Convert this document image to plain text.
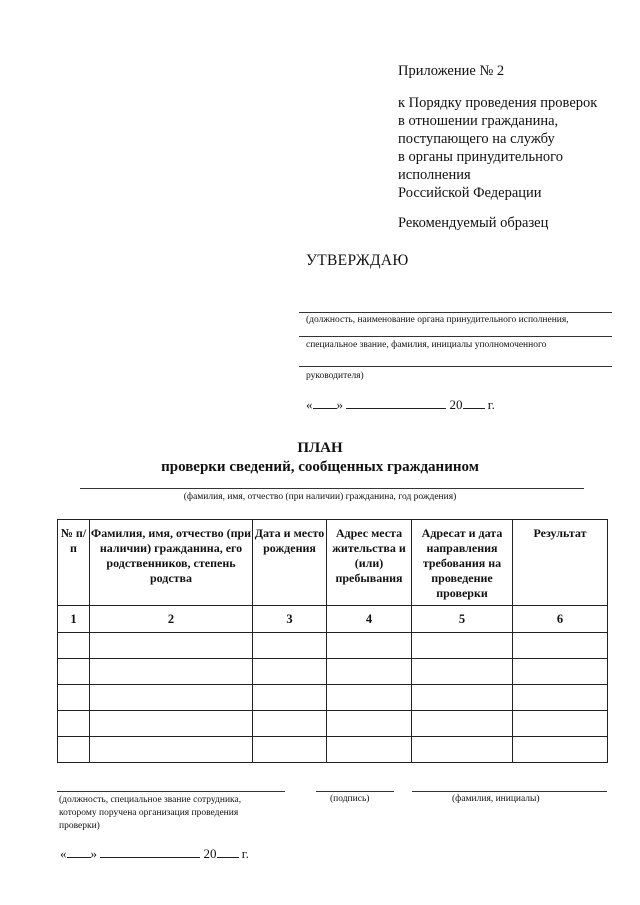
Приложение № 2
к Порядку проведения проверок
в отношении гражданина,
поступающего на службу
в органы принудительного
исполнения
Российской Федерации
Рекомендуемый образец
УТВЕРЖДАЮ
(должность, наименование органа принудительного исполнения,
специальное звание, фамилия, инициалы уполномоченного
руководителя)
« »	20 г.
ПЛАН
проверки сведений, сообщенных гражданином
(фамилия, имя, отчество (при наличии) гражданина, год рождения)
№ п/п	Фамилия, имя, отчество (при наличии) гражданина, его родственников, степень родства	Дата и место рождения	Адрес места жительства и (или) пребывания	Адресат и дата направления требования на проведение проверки	Результат
1	2	3	4	5	6

(должность, специальное звание сотрудника, которому поручена организация проведения проверки)
(подпись)	(фамилия, инициалы)
« »	20 г.
